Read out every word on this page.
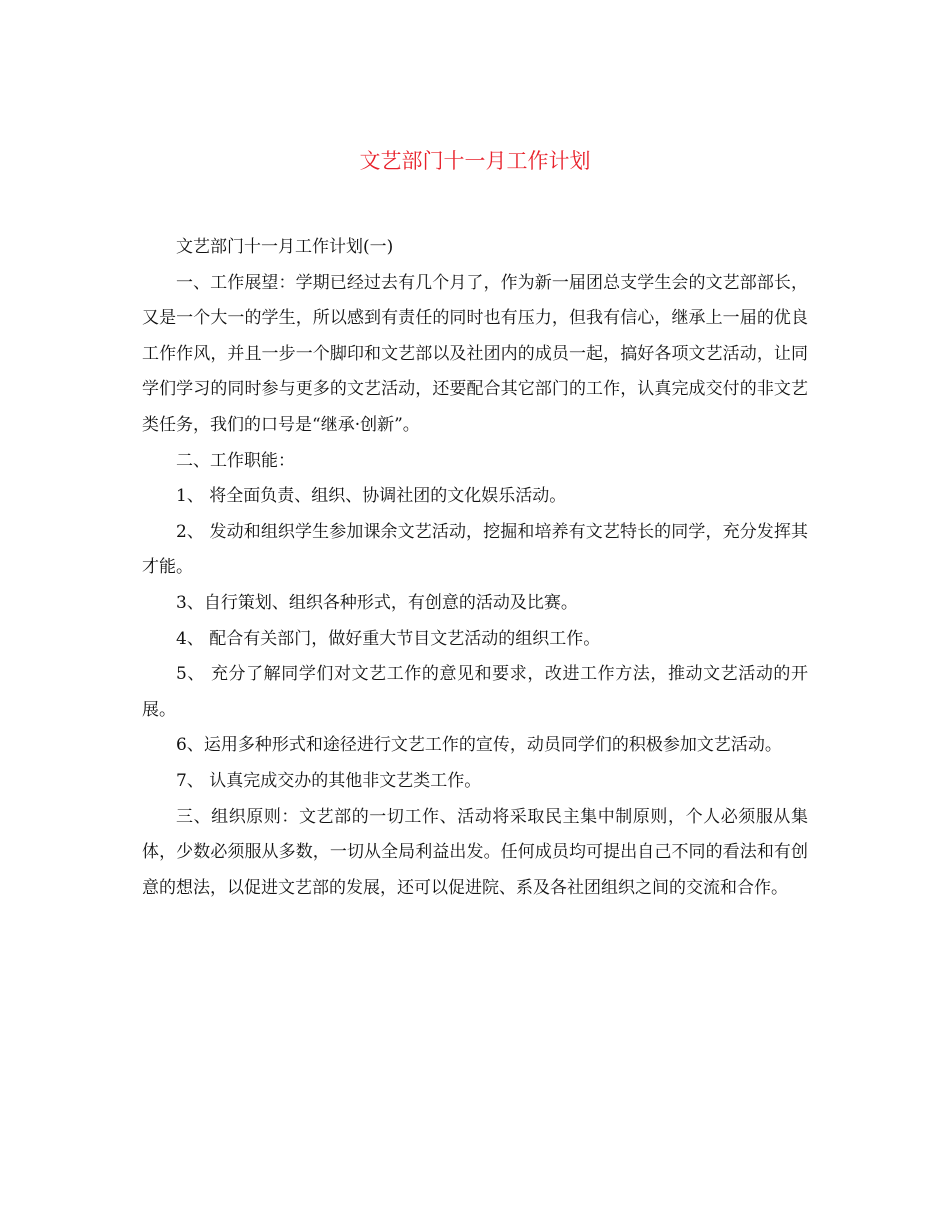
文艺部门十一月工作计划

文艺部门十一月工作计划(一)

一、工作展望：学期已经过去有几个月了，作为新一届团总支学生会的文艺部部长，又是一个大一的学生，所以感到有责任的同时也有压力，但我有信心，继承上一届的优良工作作风，并且一步一个脚印和文艺部以及社团内的成员一起，搞好各项文艺活动，让同学们学习的同时参与更多的文艺活动，还要配合其它部门的工作，认真完成交付的非文艺类任务，我们的口号是“继承·创新”。

二、工作职能：

1、 将全面负责、组织、协调社团的文化娱乐活动。

2、 发动和组织学生参加课余文艺活动，挖掘和培养有文艺特长的同学，充分发挥其才能。

3、自行策划、组织各种形式，有创意的活动及比赛。

4、 配合有关部门，做好重大节目文艺活动的组织工作。

5、 充分了解同学们对文艺工作的意见和要求，改进工作方法，推动文艺活动的开展。

6、运用多种形式和途径进行文艺工作的宣传，动员同学们的积极参加文艺活动。

7、 认真完成交办的其他非文艺类工作。

三、组织原则：文艺部的一切工作、活动将采取民主集中制原则，个人必须服从集体，少数必须服从多数，一切从全局利益出发。任何成员均可提出自己不同的看法和有创意的想法，以促进文艺部的发展，还可以促进院、系及各社团组织之间的交流和合作。
